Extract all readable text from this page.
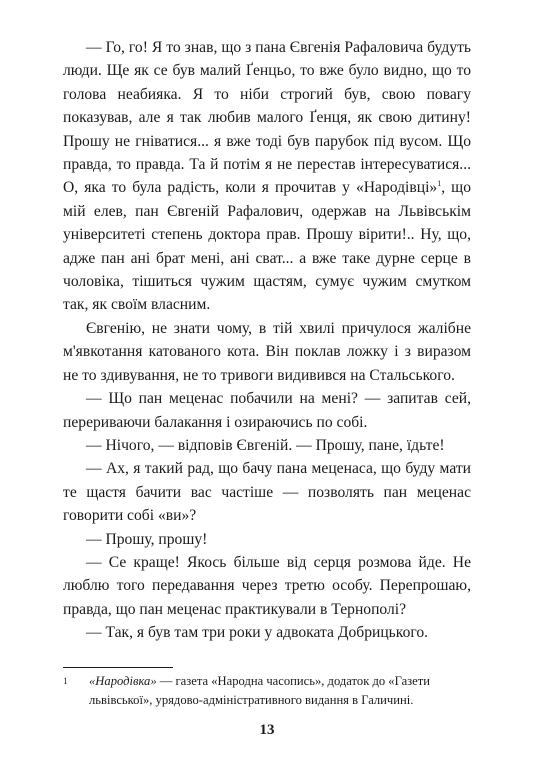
— Го, го! Я то знав, що з пана Євгенія Рафаловича будуть люди. Ще як се був малий Ґенцьо, то вже було видно, що то голова неабияка. Я то ніби строгий був, свою повагу показував, але я так любив малого Ґенця, як свою дитину! Прошу не гніватися... я вже тоді був парубок під вусом. Що правда, то правда. Та й потім я не перестав інтересуватися... О, яка то була радість, коли я прочитав у «Народівці»$^1$, що мій елев, пан Євгеній Рафалович, одержав на Львівськім університеті степень доктора прав. Прошу вірити!.. Ну, що, адже пан ані брат мені, ані сват... а вже таке дурне серце в чоловіка, тішиться чужим щастям, сумує чужим смутком так, як своїм власним.

Євгенію, не знати чому, в тій хвилі причулося жалібне м'явкотання катованого кота. Він поклав ложку і з виразом не то здивування, не то тривоги видивився на Стальського.

— Що пан меценас побачили на мені? — запитав сей, перериваючи балакання і озираючись по собі.

— Нічого, — відповів Євгеній. — Прошу, пане, їдьте!

— Ах, я такий рад, що бачу пана меценаса, що буду мати те щастя бачити вас частіше — позволять пан меценас говорити собі «ви»?

— Прошу, прошу!

— Се краще! Якось більше від серця розмова йде. Не люблю того передавання через третю особу. Перепрошаю, правда, що пан меценас практикували в Тернополі?

— Так, я був там три роки у адвоката Добрицького.

1	«Народівка» — газета «Народна часопись», додаток до «Газети львівської», урядово-адміністративного видання в Галичині.
13
